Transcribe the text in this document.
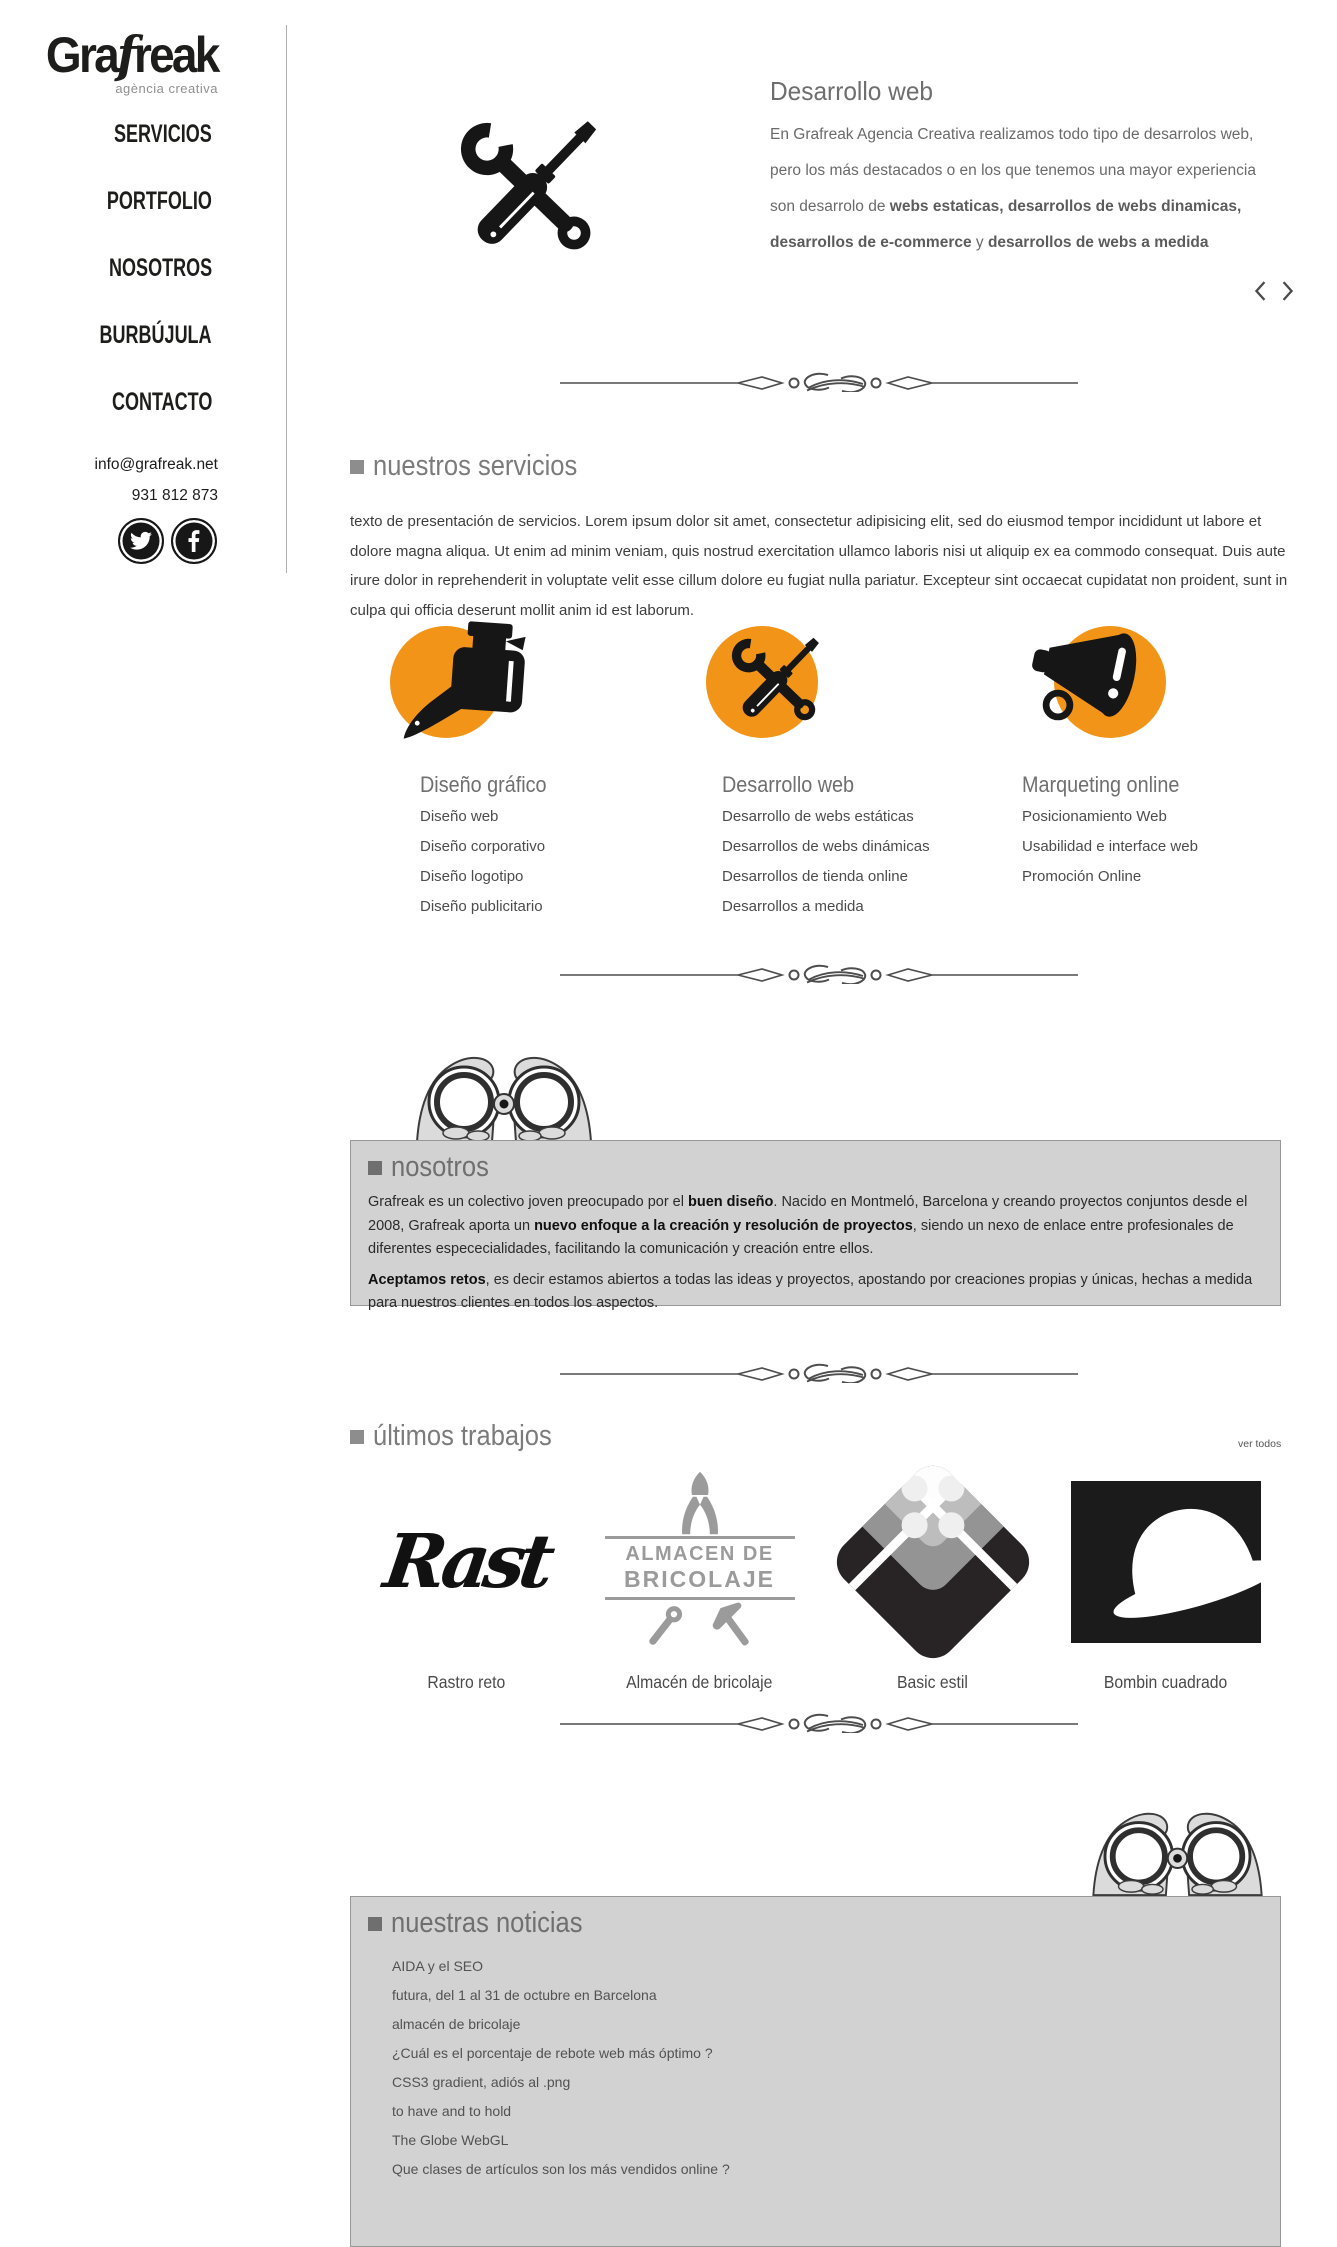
Grafreak
agència creativa
SERVICIOS
PORTFOLIO
NOSOTROS
BURBÚJULA
CONTACTO
info@grafreak.net
931 812 873
Desarrollo web
En Grafreak Agencia Creativa realizamos todo tipo de desarrolos web, pero los más destacados o en los que tenemos una mayor experiencia son desarrolo de webs estaticas, desarrollos de webs dinamicas, desarrollos de e-commerce y desarrollos de webs a medida
nuestros servicios

texto de presentación de servicios. Lorem ipsum dolor sit amet, consectetur adipisicing elit, sed do eiusmod tempor incididunt ut labore et dolore magna aliqua. Ut enim ad minim veniam, quis nostrud exercitation ullamco laboris nisi ut aliquip ex ea commodo consequat. Duis aute irure dolor in reprehenderit in voluptate velit esse cillum dolore eu fugiat nulla pariatur. Excepteur sint occaecat cupidatat non proident, sunt in culpa qui officia deserunt mollit anim id est laborum.

Diseño gráfico
Diseño web
Diseño corporativo
Diseño logotipo
Diseño publicitario
Desarrollo web
Desarrollo de webs estáticas
Desarrollos de webs dinámicas
Desarrollos de tienda online
Desarrollos a medida
Marqueting online
Posicionamiento Web
Usabilidad e interface web
Promoción Online
nosotros

Grafreak es un colectivo joven preocupado por el buen diseño. Nacido en Montmeló, Barcelona y creando proyectos conjuntos desde el 2008, Grafreak aporta un nuevo enfoque a la creación y resolución de proyectos, siendo un nexo de enlace entre profesionales de diferentes espececialidades, facilitando la comunicación y creación entre ellos.

Aceptamos retos, es decir estamos abiertos a todas las ideas y proyectos, apostando por creaciones propias y únicas, hechas a medida para nuestros clientes en todos los aspectos.

últimos trabajos	ver todos
Rast
Rastro reto
ALMACEN DE
BRICOLAJE
Almacén de bricolaje	Basic estil	Bombin cuadrado
nuestras noticias
AIDA y el SEO
futura, del 1 al 31 de octubre en Barcelona
almacén de bricolaje
¿Cuál es el porcentaje de rebote web más óptimo ?
CSS3 gradient, adiós al .png
to have and to hold
The Globe WebGL
Que clases de artículos son los más vendidos online ?
